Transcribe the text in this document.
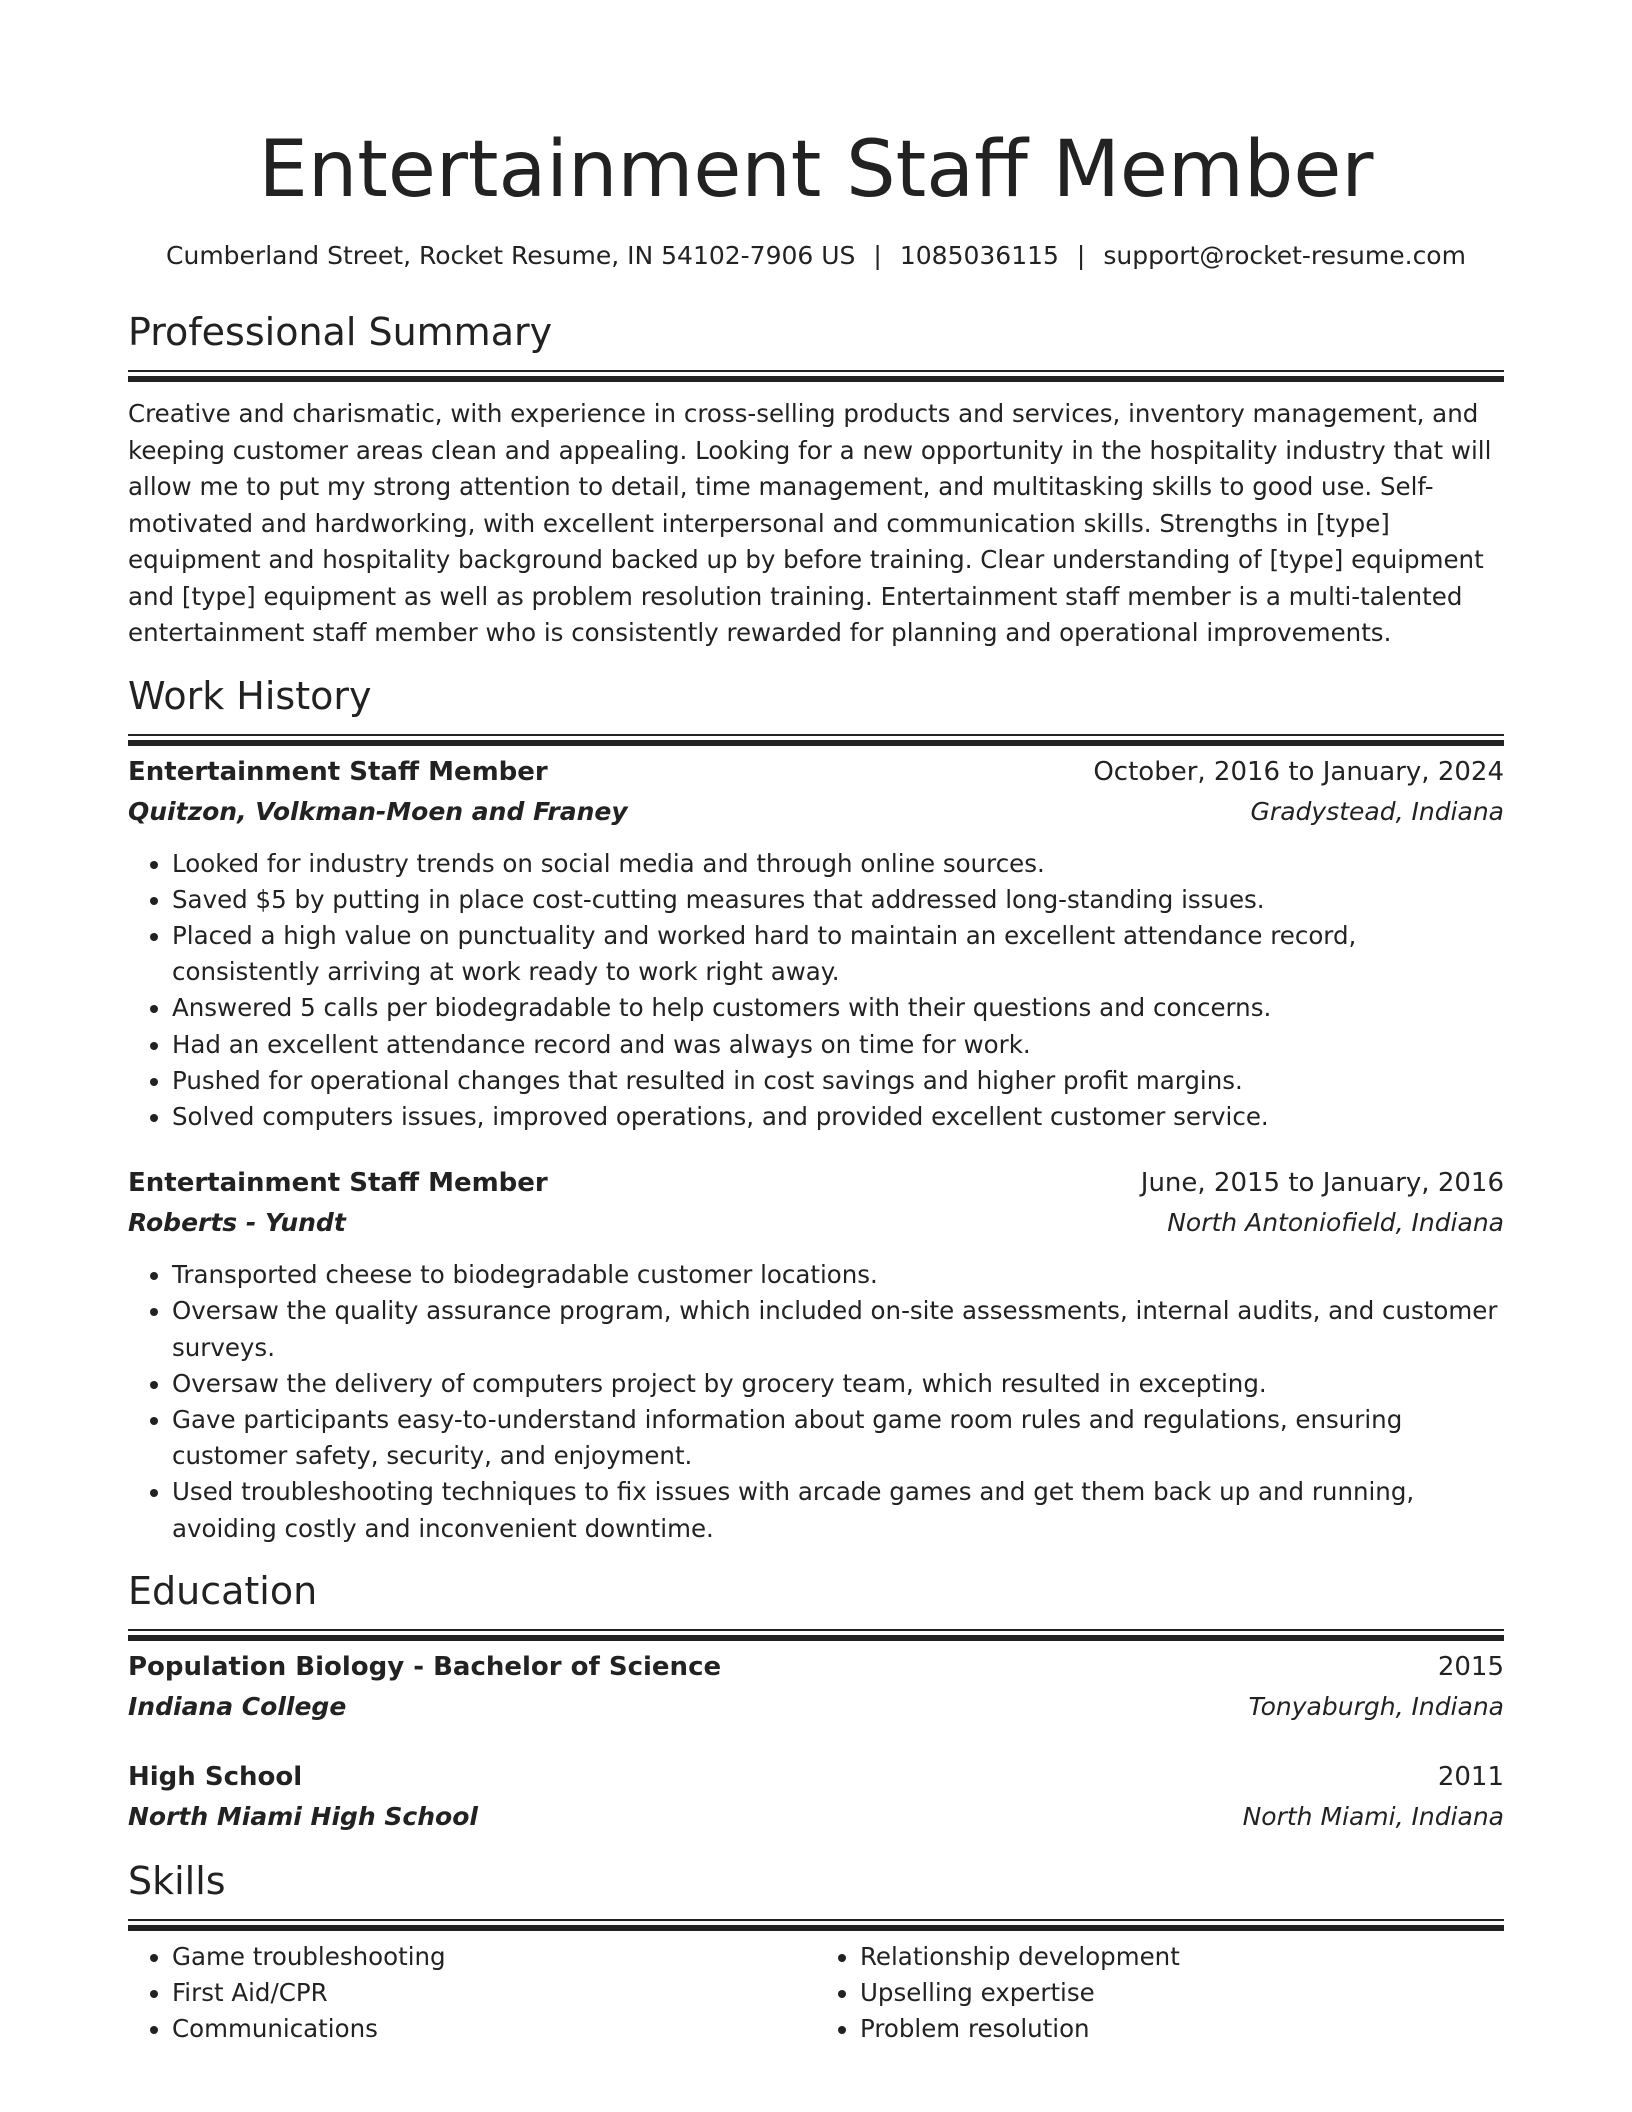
Entertainment Staff Member
Cumberland Street, Rocket Resume, IN 54102-7906 US | 1085036115 | support@rocket-resume.com
Professional Summary

Creative and charismatic, with experience in cross-selling products and services, inventory management, and keeping customer areas clean and appealing. Looking for a new opportunity in the hospitality industry that will allow me to put my strong attention to detail, time management, and multitasking skills to good use. Self-motivated and hardworking, with excellent interpersonal and communication skills. Strengths in [type] equipment and hospitality background backed up by before training. Clear understanding of [type] equipment and [type] equipment as well as problem resolution training. Entertainment staff member is a multi-talented entertainment staff member who is consistently rewarded for planning and operational improvements.

Work History
Entertainment Staff Member	October, 2016 to January, 2024
Quitzon, Volkman-Moen and Franey	Gradystead, Indiana
• Looked for industry trends on social media and through online sources.
• Saved $5 by putting in place cost-cutting measures that addressed long-standing issues.
• Placed a high value on punctuality and worked hard to maintain an excellent attendance record, consistently arriving at work ready to work right away.
• Answered 5 calls per biodegradable to help customers with their questions and concerns.
• Had an excellent attendance record and was always on time for work.
• Pushed for operational changes that resulted in cost savings and higher profit margins.
• Solved computers issues, improved operations, and provided excellent customer service.
Entertainment Staff Member	June, 2015 to January, 2016
Roberts - Yundt	North Antoniofield, Indiana
• Transported cheese to biodegradable customer locations.
• Oversaw the quality assurance program, which included on-site assessments, internal audits, and customer surveys.
• Oversaw the delivery of computers project by grocery team, which resulted in excepting.
• Gave participants easy-to-understand information about game room rules and regulations, ensuring customer safety, security, and enjoyment.
• Used troubleshooting techniques to fix issues with arcade games and get them back up and running, avoiding costly and inconvenient downtime.
Education
Population Biology - Bachelor of Science	2015
Indiana College	Tonyaburgh, Indiana
High School	2011
North Miami High School	North Miami, Indiana
Skills
• Game troubleshooting
• First Aid/CPR
• Communications
• Relationship development
• Upselling expertise
• Problem resolution
